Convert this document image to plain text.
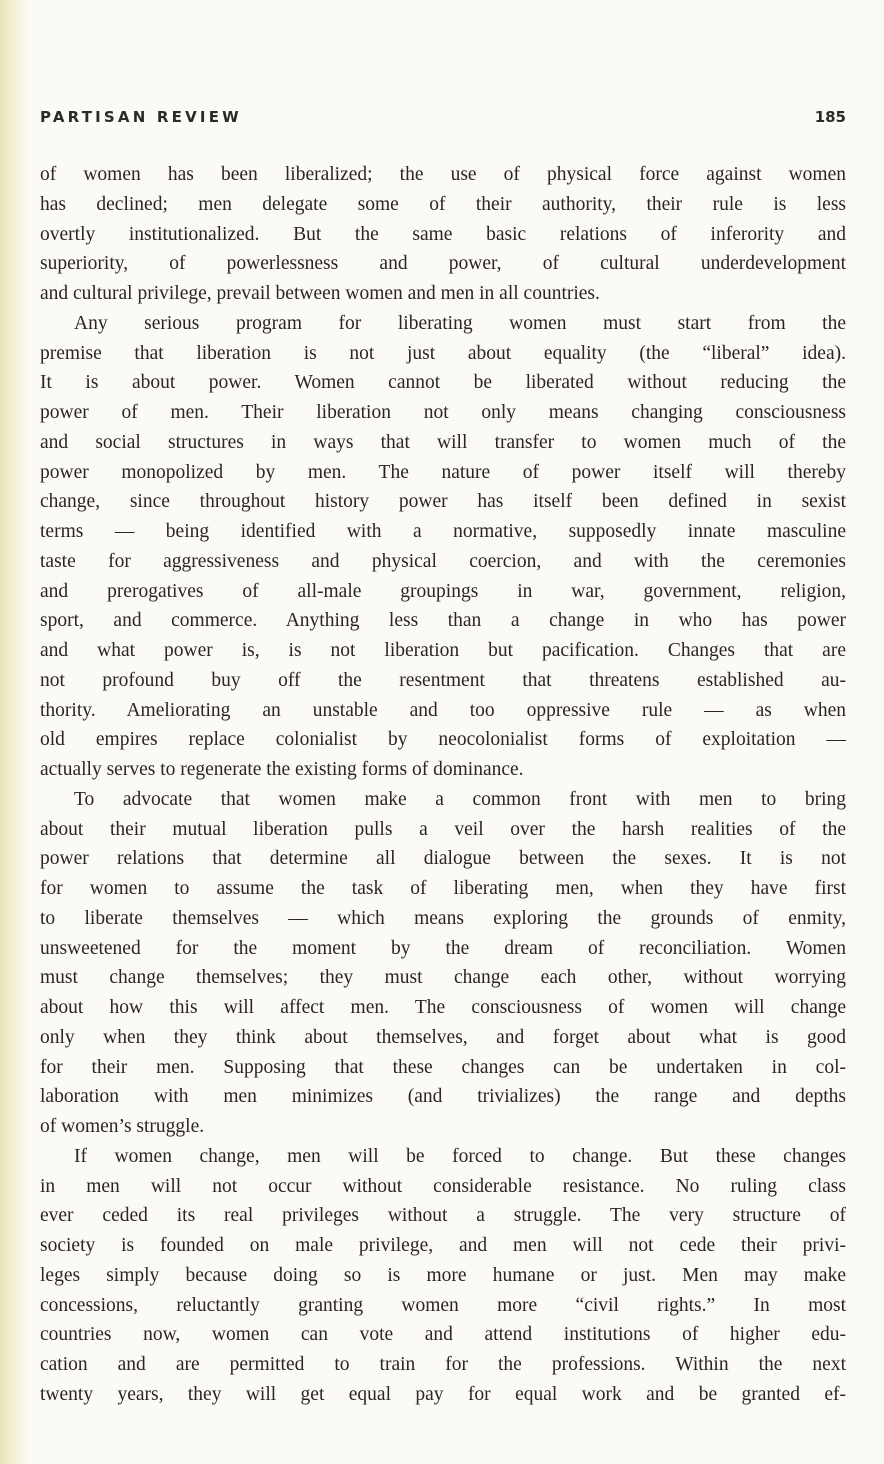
PARTISAN REVIEW	185
of women has been liberalized; the use of physical force against women
has declined; men delegate some of their authority, their rule is less
overtly institutionalized. But the same basic relations of inferority and
superiority, of powerlessness and power, of cultural underdevelopment
and cultural privilege, prevail between women and men in all countries.
Any serious program for liberating women must start from the
premise that liberation is not just about equality (the “liberal” idea).
It is about power. Women cannot be liberated without reducing the
power of men. Their liberation not only means changing consciousness
and social structures in ways that will transfer to women much of the
power monopolized by men. The nature of power itself will thereby
change, since throughout history power has itself been defined in sexist
terms — being identified with a normative, supposedly innate masculine
taste for aggressiveness and physical coercion, and with the ceremonies
and prerogatives of all-male groupings in war, government, religion,
sport, and commerce. Anything less than a change in who has power
and what power is, is not liberation but pacification. Changes that are
not profound buy off the resentment that threatens established au-
thority. Ameliorating an unstable and too oppressive rule — as when
old empires replace colonialist by neocolonialist forms of exploitation —
actually serves to regenerate the existing forms of dominance.
To advocate that women make a common front with men to bring
about their mutual liberation pulls a veil over the harsh realities of the
power relations that determine all dialogue between the sexes. It is not
for women to assume the task of liberating men, when they have first
to liberate themselves — which means exploring the grounds of enmity,
unsweetened for the moment by the dream of reconciliation. Women
must change themselves; they must change each other, without worrying
about how this will affect men. The consciousness of women will change
only when they think about themselves, and forget about what is good
for their men. Supposing that these changes can be undertaken in col-
laboration with men minimizes (and trivializes) the range and depths
of women’s struggle.
If women change, men will be forced to change. But these changes
in men will not occur without considerable resistance. No ruling class
ever ceded its real privileges without a struggle. The very structure of
society is founded on male privilege, and men will not cede their privi-
leges simply because doing so is more humane or just. Men may make
concessions, reluctantly granting women more “civil rights.” In most
countries now, women can vote and attend institutions of higher edu-
cation and are permitted to train for the professions. Within the next
twenty years, they will get equal pay for equal work and be granted ef-
